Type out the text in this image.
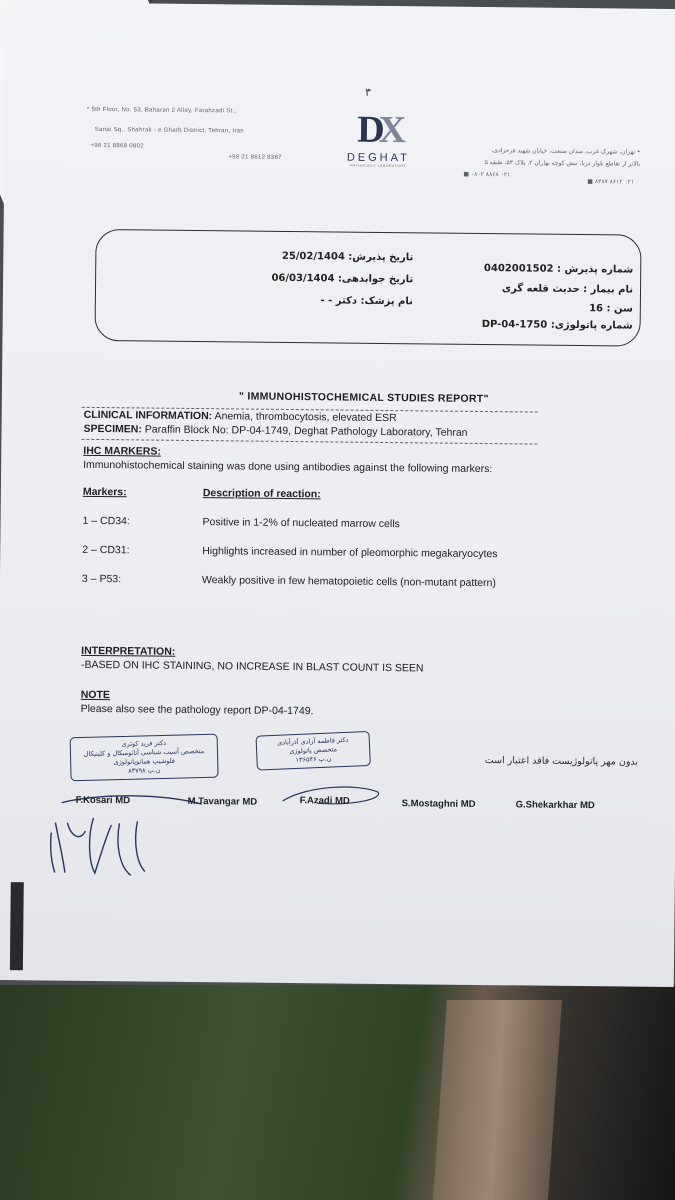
۳
* 5th Floor, No. 53, Baharan 2 Alley, Farahzadi St.,
Sanai Sq., Shahrak - e Gharb District, Tehran, Iran
+98 21 8868 0802
+98 21 8612 8387
DX
DEGHAT
PATHOLOGY LABORATORY
• تهران، شهرک غرب، میدان صنعت، خیابان شهید فرحزادی،
بالاتر از تقاطع بلوار دریا، نبش کوچه بهاران ۲، پلاک ۵۳، طبقه ۵
۰۲۱ ۸۸۶۸ ۰۸۰۲ ■
۰۲۱ ۸۶۱۲ ۸۳۸۷ ■
تاریخ پذیرش: 25/02/1404
تاریخ جوابدهی: 06/03/1404
نام پزشک: دکتر - -
شماره پذیرش : 0402001502
نام بیمار : حدیث قلعه گری
سن : 16
شماره پاتولوژی: DP-04-1750
" IMMUNOHISTOCHEMICAL STUDIES REPORT"
CLINICAL INFORMATION: Anemia, thrombocytosis, elevated ESR
SPECIMEN: Paraffin Block No: DP-04-1749, Deghat Pathology Laboratory, Tehran
IHC MARKERS:
Immunohistochemical staining was done using antibodies against the following markers:
Markers:	Description of reaction:
1 – CD34:	Positive in 1-2% of nucleated marrow cells
2 – CD31:	Highlights increased in number of pleomorphic megakaryocytes
3 – P53:	Weakly positive in few hematopoietic cells (non-mutant pattern)
INTERPRETATION:
-BASED ON IHC STAINING, NO INCREASE IN BLAST COUNT IS SEEN
NOTE
Please also see the pathology report DP-04-1749.
دکتر فرید کوثری
متخصص آسیب شناسی آناتومیکال و کلینیکال
فلوشیپ هماتوپاتولوژی
ن.پ ۸۳۷۹۸
دکتر فاطمه آزادی آذرآبادی
متخصص پاتولوژی
ن.پ ۱۳۶۵۴۶
F.Kosari MD	M.Tavangar MD	F.Azadi MD	S.Mostaghni MD	G.Shekarkhar MD
بدون مهر پاتولوژیست فاقد اعتبار است
